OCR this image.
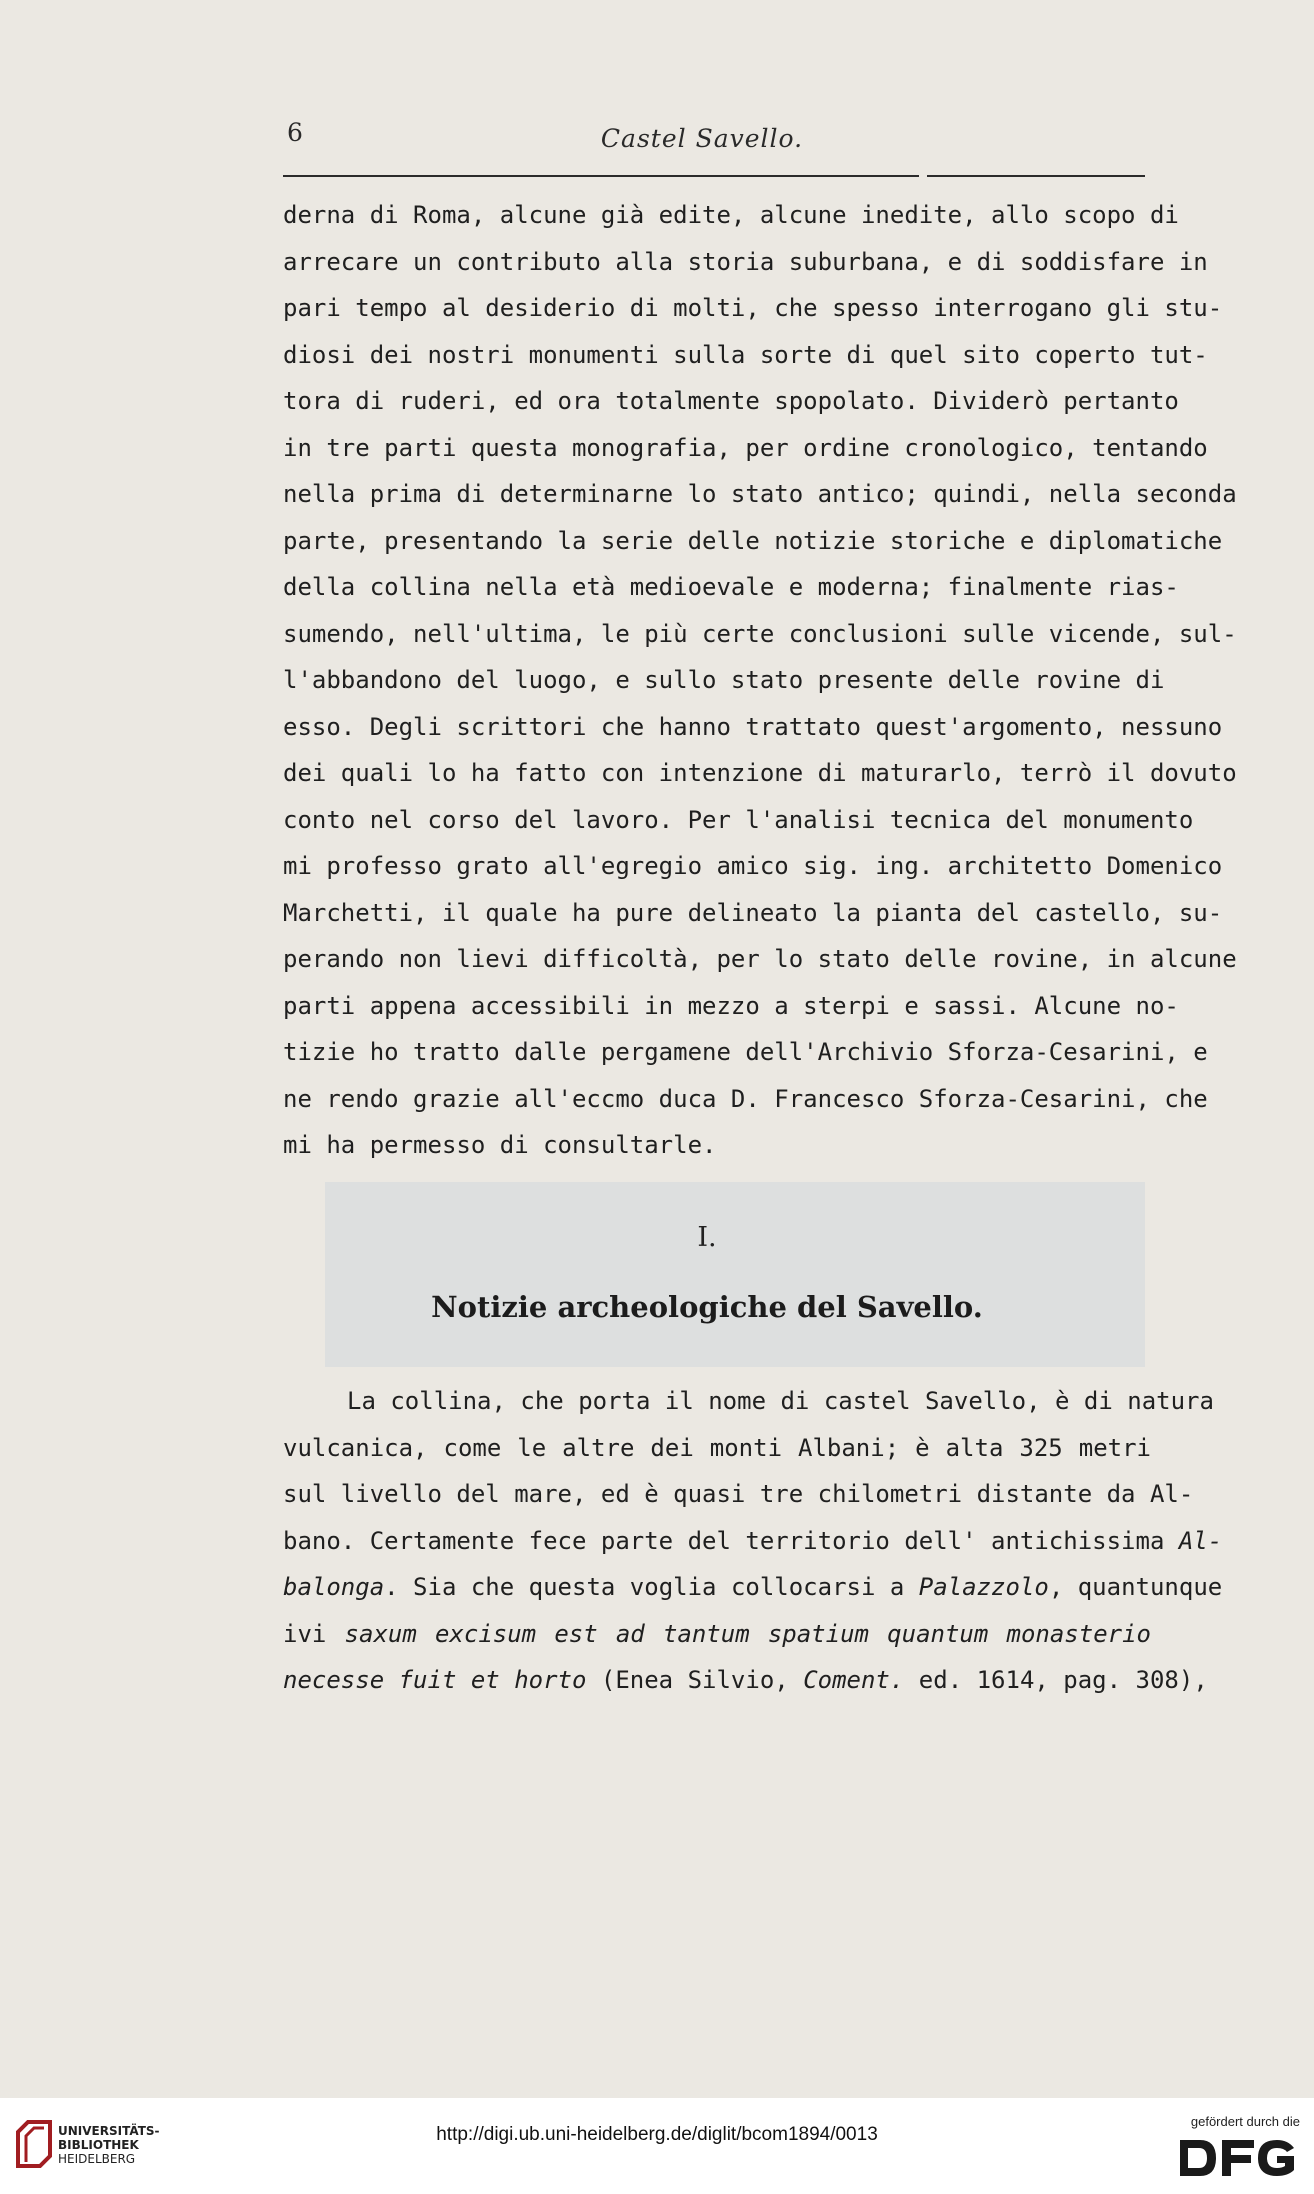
6	Castel Savello.
derna di Roma, alcune già edite, alcune inedite, allo scopo di
arrecare un contributo alla storia suburbana, e di soddisfare in
pari tempo al desiderio di molti, che spesso interrogano gli stu-
diosi dei nostri monumenti sulla sorte di quel sito coperto tut-
tora di ruderi, ed ora totalmente spopolato. Dividerò pertanto
in tre parti questa monografia, per ordine cronologico, tentando
nella prima di determinarne lo stato antico; quindi, nella seconda
parte, presentando la serie delle notizie storiche e diplomatiche
della collina nella età medioevale e moderna; finalmente rias-
sumendo, nell'ultima, le più certe conclusioni sulle vicende, sul-
l'abbandono del luogo, e sullo stato presente delle rovine di
esso. Degli scrittori che hanno trattato quest'argomento, nessuno
dei quali lo ha fatto con intenzione di maturarlo, terrò il dovuto
conto nel corso del lavoro. Per l'analisi tecnica del monumento
mi professo grato all'egregio amico sig. ing. architetto Domenico
Marchetti, il quale ha pure delineato la pianta del castello, su-
perando non lievi difficoltà, per lo stato delle rovine, in alcune
parti appena accessibili in mezzo a sterpi e sassi. Alcune no-
tizie ho tratto dalle pergamene dell'Archivio Sforza-Cesarini, e
ne rendo grazie all'eccmo duca D. Francesco Sforza-Cesarini, che
mi ha permesso di consultarle.
I.
Notizie archeologiche del Savello.
La collina, che porta il nome di castel Savello, è di natura
vulcanica, come le altre dei monti Albani; è alta 325 metri
sul livello del mare, ed è quasi tre chilometri distante da Al-
bano. Certamente fece parte del territorio dell' antichissima Al-
balonga. Sia che questa voglia collocarsi a Palazzolo, quantunque
ivi saxum excisum est ad tantum spatium quantum monasterio
necesse fuit et horto (Enea Silvio, Coment. ed. 1614, pag. 308),
UNIVERSITÄTS-
BIBLIOTHEK
HEIDELBERG
http://digi.ub.uni-heidelberg.de/diglit/bcom1894/0013
gefördert durch die
